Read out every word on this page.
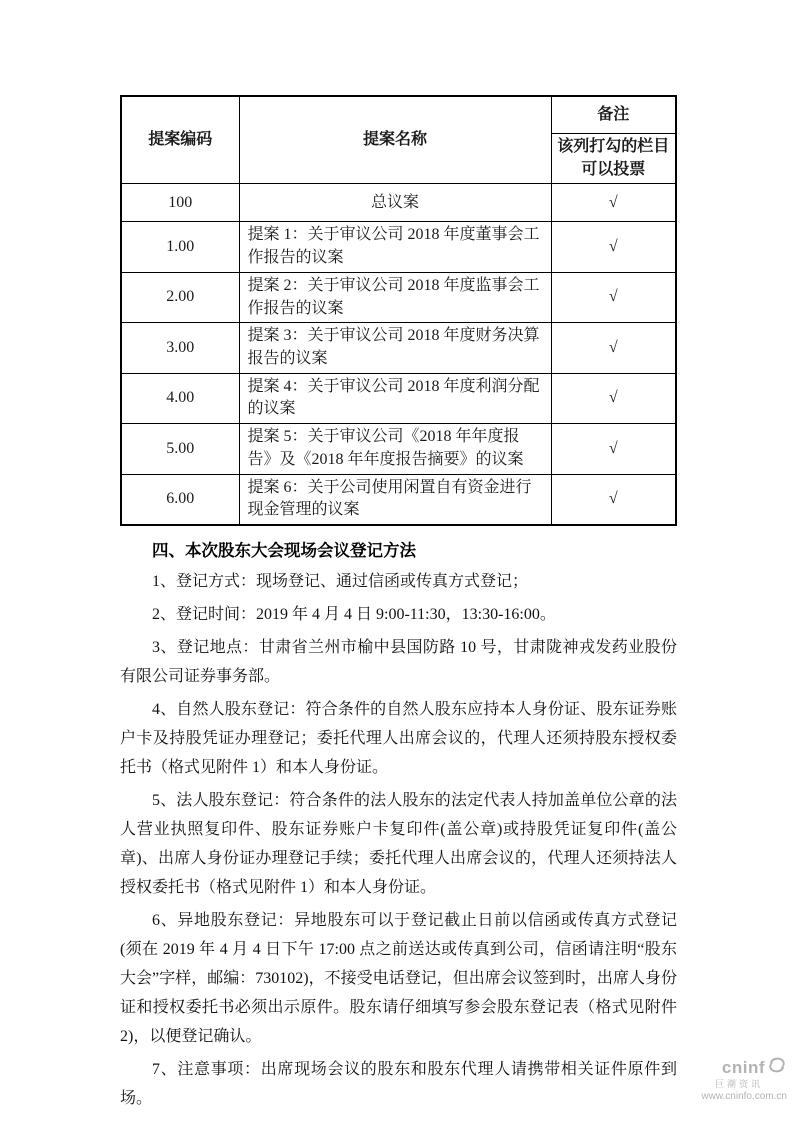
提案编码	提案名称	备注
		该列打勾的栏目可以投票
100	总议案	√
1.00	提案 1：关于审议公司 2018 年度董事会工作报告的议案	√
2.00	提案 2：关于审议公司 2018 年度监事会工作报告的议案	√
3.00	提案 3：关于审议公司 2018 年度财务决算报告的议案	√
4.00	提案 4：关于审议公司 2018 年度利润分配的议案	√
5.00	提案 5：关于审议公司《2018 年年度报告》及《2018 年年度报告摘要》的议案	√
6.00	提案 6：关于公司使用闲置自有资金进行现金管理的议案	√
四、本次股东大会现场会议登记方法

1、登记方式：现场登记、通过信函或传真方式登记；

2、登记时间：2019 年 4 月 4 日 9:00-11:30，13:30-16:00。

3、登记地点：甘肃省兰州市榆中县国防路 10 号，甘肃陇神戎发药业股份有限公司证券事务部。

4、自然人股东登记：符合条件的自然人股东应持本人身份证、股东证券账户卡及持股凭证办理登记；委托代理人出席会议的，代理人还须持股东授权委托书（格式见附件 1）和本人身份证。

5、法人股东登记：符合条件的法人股东的法定代表人持加盖单位公章的法人营业执照复印件、股东证券账户卡复印件(盖公章)或持股凭证复印件(盖公章)、出席人身份证办理登记手续；委托代理人出席会议的，代理人还须持法人授权委托书（格式见附件 1）和本人身份证。

6、异地股东登记：异地股东可以于登记截止日前以信函或传真方式登记(须在 2019 年 4 月 4 日下午 17:00 点之前送达或传真到公司，信函请注明“股东大会”字样，邮编：730102)，不接受电话登记，但出席会议签到时，出席人身份证和授权委托书必须出示原件。股东请仔细填写参会股东登记表（格式见附件 2)，以便登记确认。

7、注意事项：出席现场会议的股东和股东代理人请携带相关证件原件到场。

cninf
巨潮资讯
www.cninfo.com.cn
